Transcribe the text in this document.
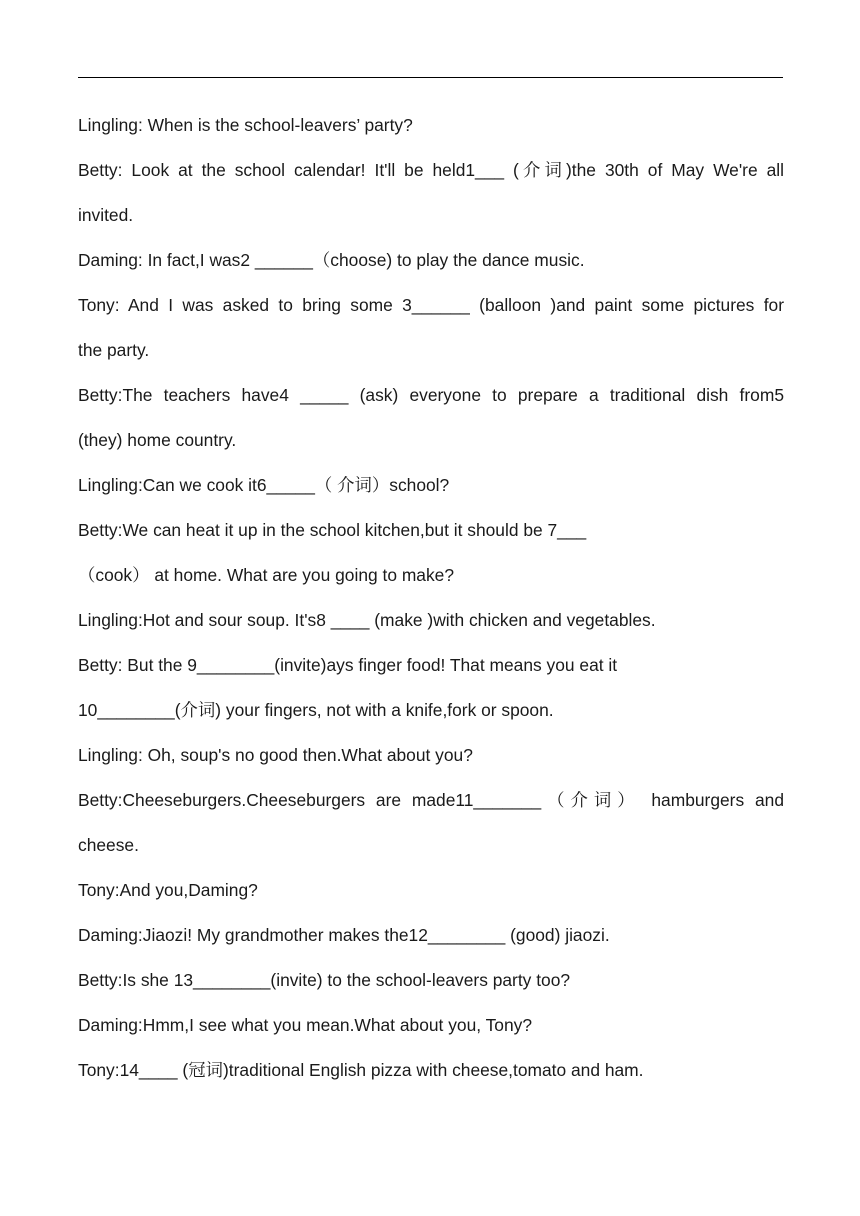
Lingling: When is the school-leavers’ party?
Betty: Look at the school calendar! It'll be held1___ (介词)the 30th of May We're all
invited.
Daming: In fact,I was2 ______（choose) to play the dance music.
Tony: And I was asked to bring some 3______ (balloon )and paint some pictures for
the party.
Betty:The teachers have4 _____ (ask) everyone to prepare a traditional dish from5
(they) home country.
Lingling:Can we cook it6_____（ 介词）school?
Betty:We can heat it up in the school kitchen,but it should be 7___
（cook） at home. What are you going to make?
Lingling:Hot and sour soup. It's8 ____ (make )with chicken and vegetables.
Betty: But the 9________(invite)ays finger food! That means you eat it
10________(介词) your fingers, not with a knife,fork or spoon.
Lingling: Oh, soup's no good then.What about you?
Betty:Cheeseburgers.Cheeseburgers are made11_______（介词） hamburgers and
cheese.
Tony:And you,Daming?
Daming:Jiaozi! My grandmother makes the12________ (good) jiaozi.
Betty:Is she 13________(invite) to the school-leavers party too?
Daming:Hmm,I see what you mean.What about you, Tony?
Tony:14____ (冠词)traditional English pizza with cheese,tomato and ham.
